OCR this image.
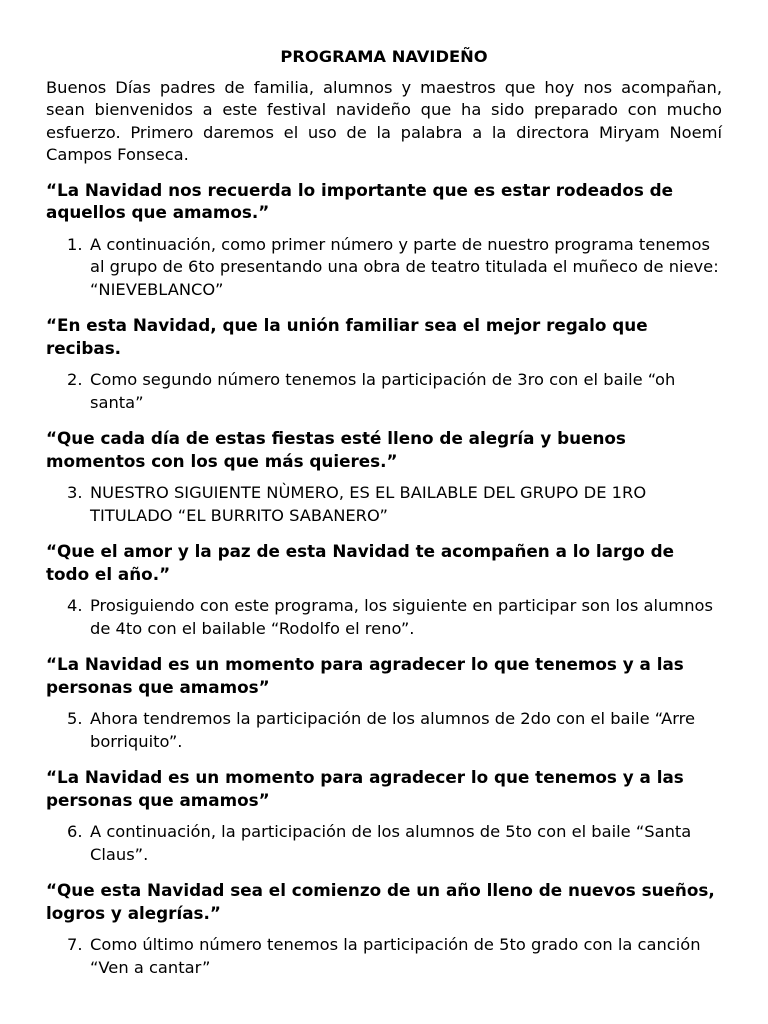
PROGRAMA NAVIDEÑO

Buenos Días padres de familia, alumnos y maestros que hoy nos acompañan, sean bienvenidos a este festival navideño que ha sido preparado con mucho esfuerzo. Primero daremos el uso de la palabra a la directora Miryam Noemí Campos Fonseca.

“La Navidad nos recuerda lo importante que es estar rodeados de aquellos que amamos.”

1. A continuación, como primer número y parte de nuestro programa tenemos al grupo de 6to presentando una obra de teatro titulada el muñeco de nieve: “NIEVEBLANCO”

“En esta Navidad, que la unión familiar sea el mejor regalo que recibas.

2. Como segundo número tenemos la participación de 3ro con el baile “oh santa”

“Que cada día de estas fiestas esté lleno de alegría y buenos momentos con los que más quieres.”

3. NUESTRO SIGUIENTE NÙMERO, ES EL BAILABLE DEL GRUPO DE 1RO TITULADO “EL BURRITO SABANERO”

“Que el amor y la paz de esta Navidad te acompañen a lo largo de todo el año.”

4. Prosiguiendo con este programa, los siguiente en participar son los alumnos de 4to con el bailable “Rodolfo el reno”.

“La Navidad es un momento para agradecer lo que tenemos y a las personas que amamos”

5. Ahora tendremos la participación de los alumnos de 2do con el baile “Arre borriquito”.

“La Navidad es un momento para agradecer lo que tenemos y a las personas que amamos”

6. A continuación, la participación de los alumnos de 5to con el baile “Santa Claus”.

“Que esta Navidad sea el comienzo de un año lleno de nuevos sueños, logros y alegrías.”

7. Como último número tenemos la participación de 5to grado con la canción “Ven a cantar”
